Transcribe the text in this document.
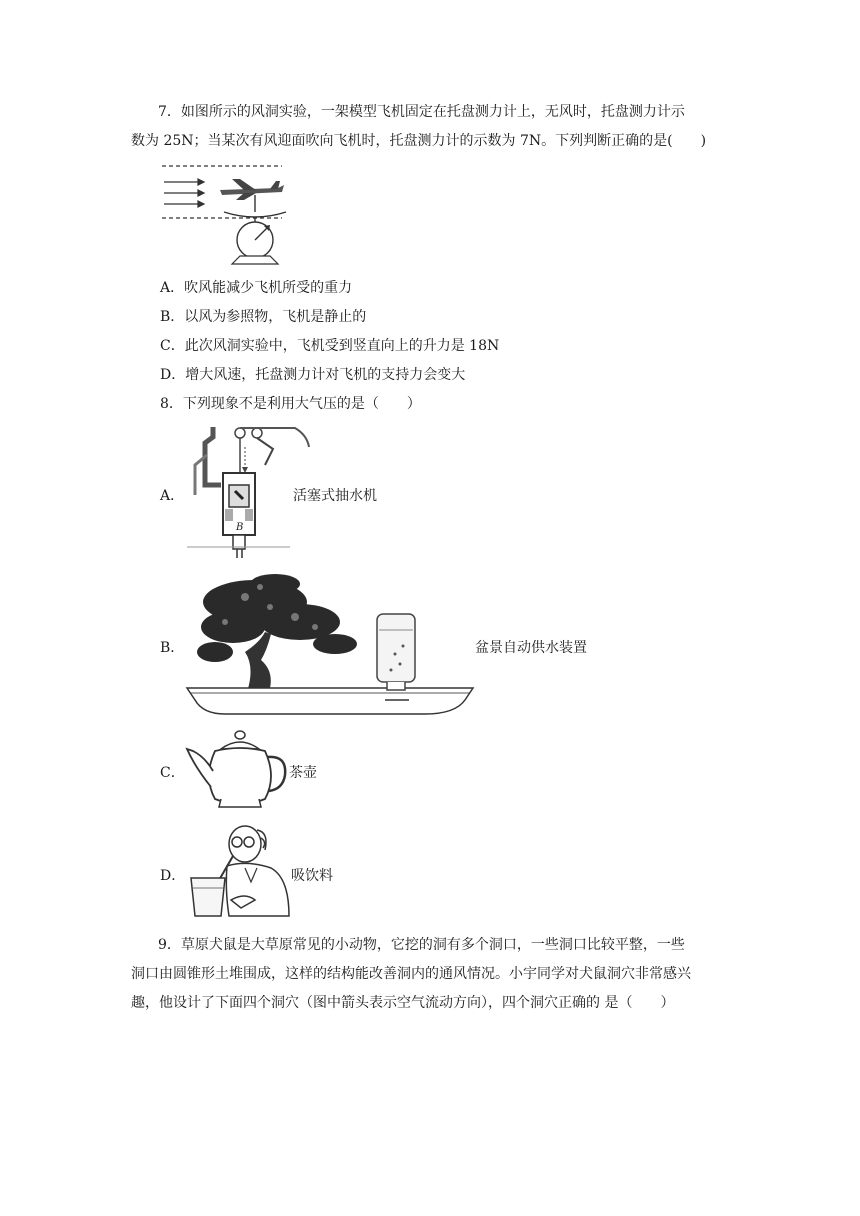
7．如图所示的风洞实验，一架模型飞机固定在托盘测力计上，无风时，托盘测力计示
数为 25N；当某次有风迎面吹向飞机时，托盘测力计的示数为 7N。下列判断正确的是(　　)
A．吹风能减少飞机所受的重力
B．以风为参照物，飞机是静止的
C．此次风洞实验中，飞机受到竖直向上的升力是 18N
D．增大风速，托盘测力计对飞机的支持力会变大
8．下列现象不是利用大气压的是（　　）
A．
B
活塞式抽水机
B．	盆景自动供水装置
C．	茶壶
D．	吸饮料
9．草原犬鼠是大草原常见的小动物，它挖的洞有多个洞口，一些洞口比较平整，一些
洞口由圆锥形土堆围成，这样的结构能改善洞内的通风情况。小宇同学对犬鼠洞穴非常感兴
趣，他设计了下面四个洞穴（图中箭头表示空气流动方向），四个洞穴正确的 是（　　）
